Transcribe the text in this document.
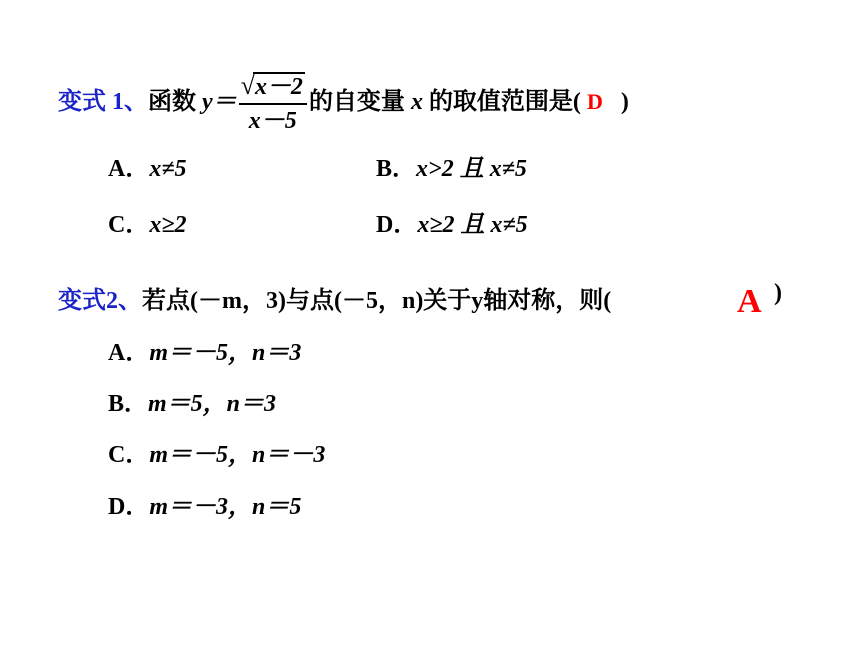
变式 1、函数 $y= \frac{√x-2}{x-5}$ 的自变量 x 的取值范围是( D )
A．x≠5	B．x>2 且 x≠5
C．x≥2	D．x≥2 且 x≠5
变式2、若点(－m，3)与点(－5，n)关于y轴对称，则(	A )
A．m＝－5，n＝3
B．m＝5，n＝3
C．m＝－5，n＝－3
D．m＝－3，n＝5
